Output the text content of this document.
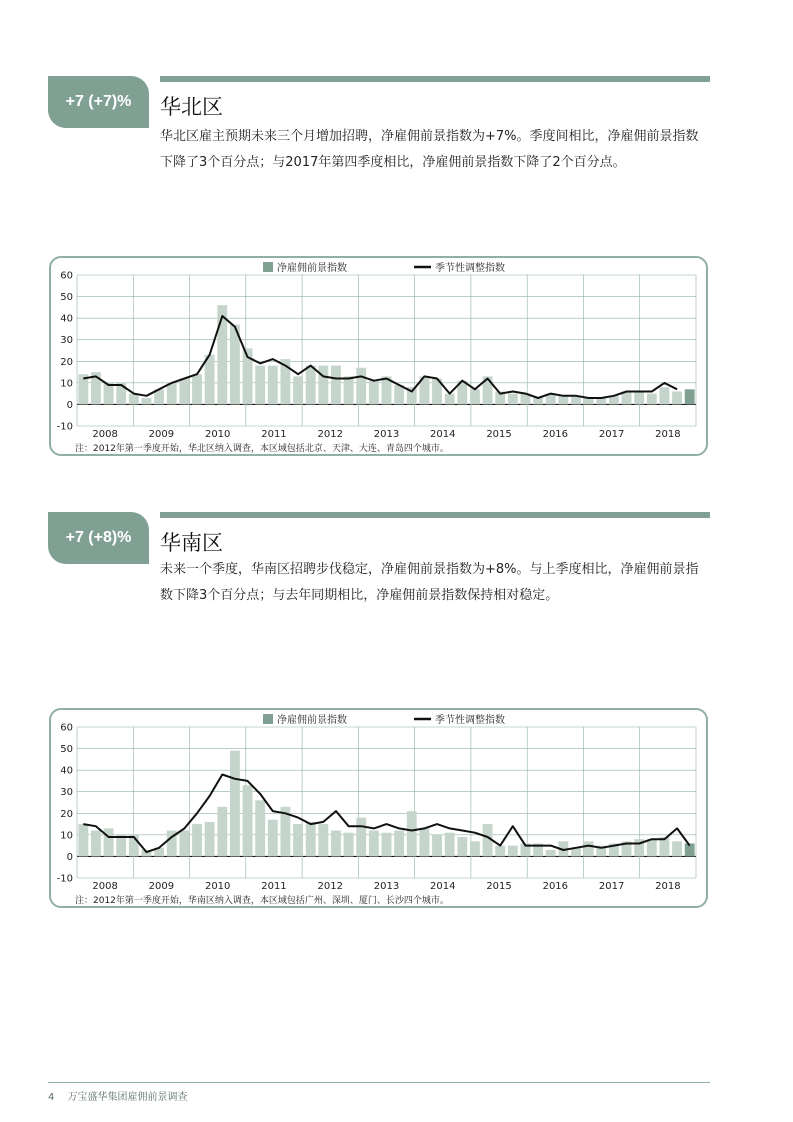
+7 (+7)%	华北区
华北区雇主预期未来三个月增加招聘，净雇佣前景指数为+7%。季度间相比，净雇佣前景指数下降了3个百分点；与2017年第四季度相比，净雇佣前景指数下降了2个百分点。
-10
0
10
20
30
40
50
60
2008	2009	2010	2011	2012	2013	2014	2015	2016	2017	2018
净雇佣前景指数	季节性调整指数
注：2012年第一季度开始，华北区纳入调查，本区域包括北京、天津、大连、青岛四个城市。
+7 (+8)%	华南区
未来一个季度，华南区招聘步伐稳定，净雇佣前景指数为+8%。与上季度相比，净雇佣前景指数下降3个百分点；与去年同期相比，净雇佣前景指数保持相对稳定。
-10
0
10
20
30
40
50
60
2008	2009	2010	2011	2012	2013	2014	2015	2016	2017	2018
净雇佣前景指数	季节性调整指数
注：2012年第一季度开始，华南区纳入调查，本区域包括广州、深圳、厦门、长沙四个城市。
4 万宝盛华集团雇佣前景调查
